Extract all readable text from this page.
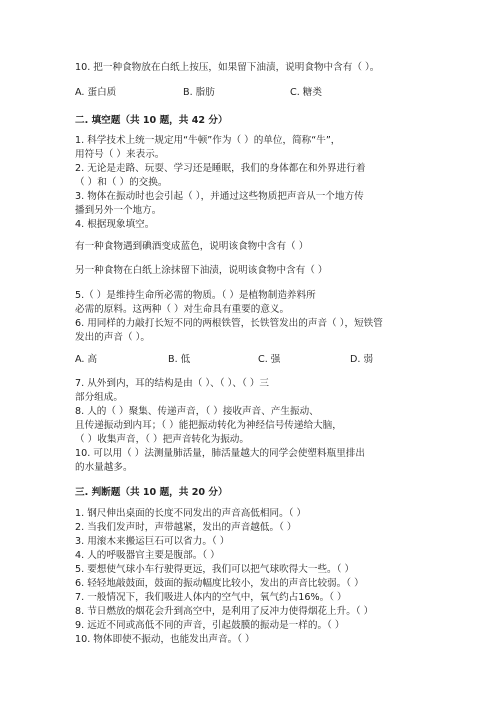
10. 把一种食物放在白纸上按压，如果留下油渍，说明食物中含有（ ）。
A. 蛋白质	B. 脂肪	C. 糖类
二. 填空题（共 10 题，共 42 分）
1. 科学技术上统一规定用“牛顿”作为（ ）的单位，简称“牛”，
用符号（ ）来表示。
2. 无论是走路、玩耍、学习还是睡眠，我们的身体都在和外界进行着
（ ）和（ ）的交换。
3. 物体在振动时也会引起（ ），并通过这些物质把声音从一个地方传
播到另外一个地方。
4. 根据现象填空。
有一种食物遇到碘酒变成蓝色，说明该食物中含有（ ）
另一种食物在白纸上涂抹留下油渍，说明该食物中含有（ ）
5.（ ）是维持生命所必需的物质。（ ）是植物制造养料所
必需的原料。这两种（ ）对生命具有重要的意义。
6. 用同样的力敲打长短不同的两根铁管，长铁管发出的声音（ ），短铁管
发出的声音（ ）。
A. 高	B. 低	C. 强	D. 弱
7. 从外到内，耳的结构是由（ ）、（ ）、（ ）三
部分组成。
8. 人的（ ）聚集、传递声音，（ ）接收声音、产生振动、
且传递振动到内耳；（ ）能把振动转化为神经信号传递给大脑，
（ ）收集声音，（ ）把声音转化为振动。
10. 可以用（ ）法测量肺活量，肺活量越大的同学会使塑料瓶里排出
的水量越多。
三. 判断题（共 10 题，共 20 分）
1. 钢尺伸出桌面的长度不同发出的声音高低相同。（ ）
2. 当我们发声时，声带越紧，发出的声音越低。（ ）
3. 用滚木来搬运巨石可以省力。（ ）
4. 人的呼吸器官主要是腹部。（ ）
5. 要想使气球小车行驶得更远，我们可以把气球吹得大一些。（ ）
6. 轻轻地敲鼓面，鼓面的振动幅度比较小，发出的声音比较弱。（ ）
7. 一般情况下，我们吸进人体内的空气中，氧气约占16%。（ ）
8. 节日燃放的烟花会升到高空中，是利用了反冲力使得烟花上升。（ ）
9. 远近不同或高低不同的声音，引起鼓膜的振动是一样的。（ ）
10. 物体即使不振动，也能发出声音。（ ）
